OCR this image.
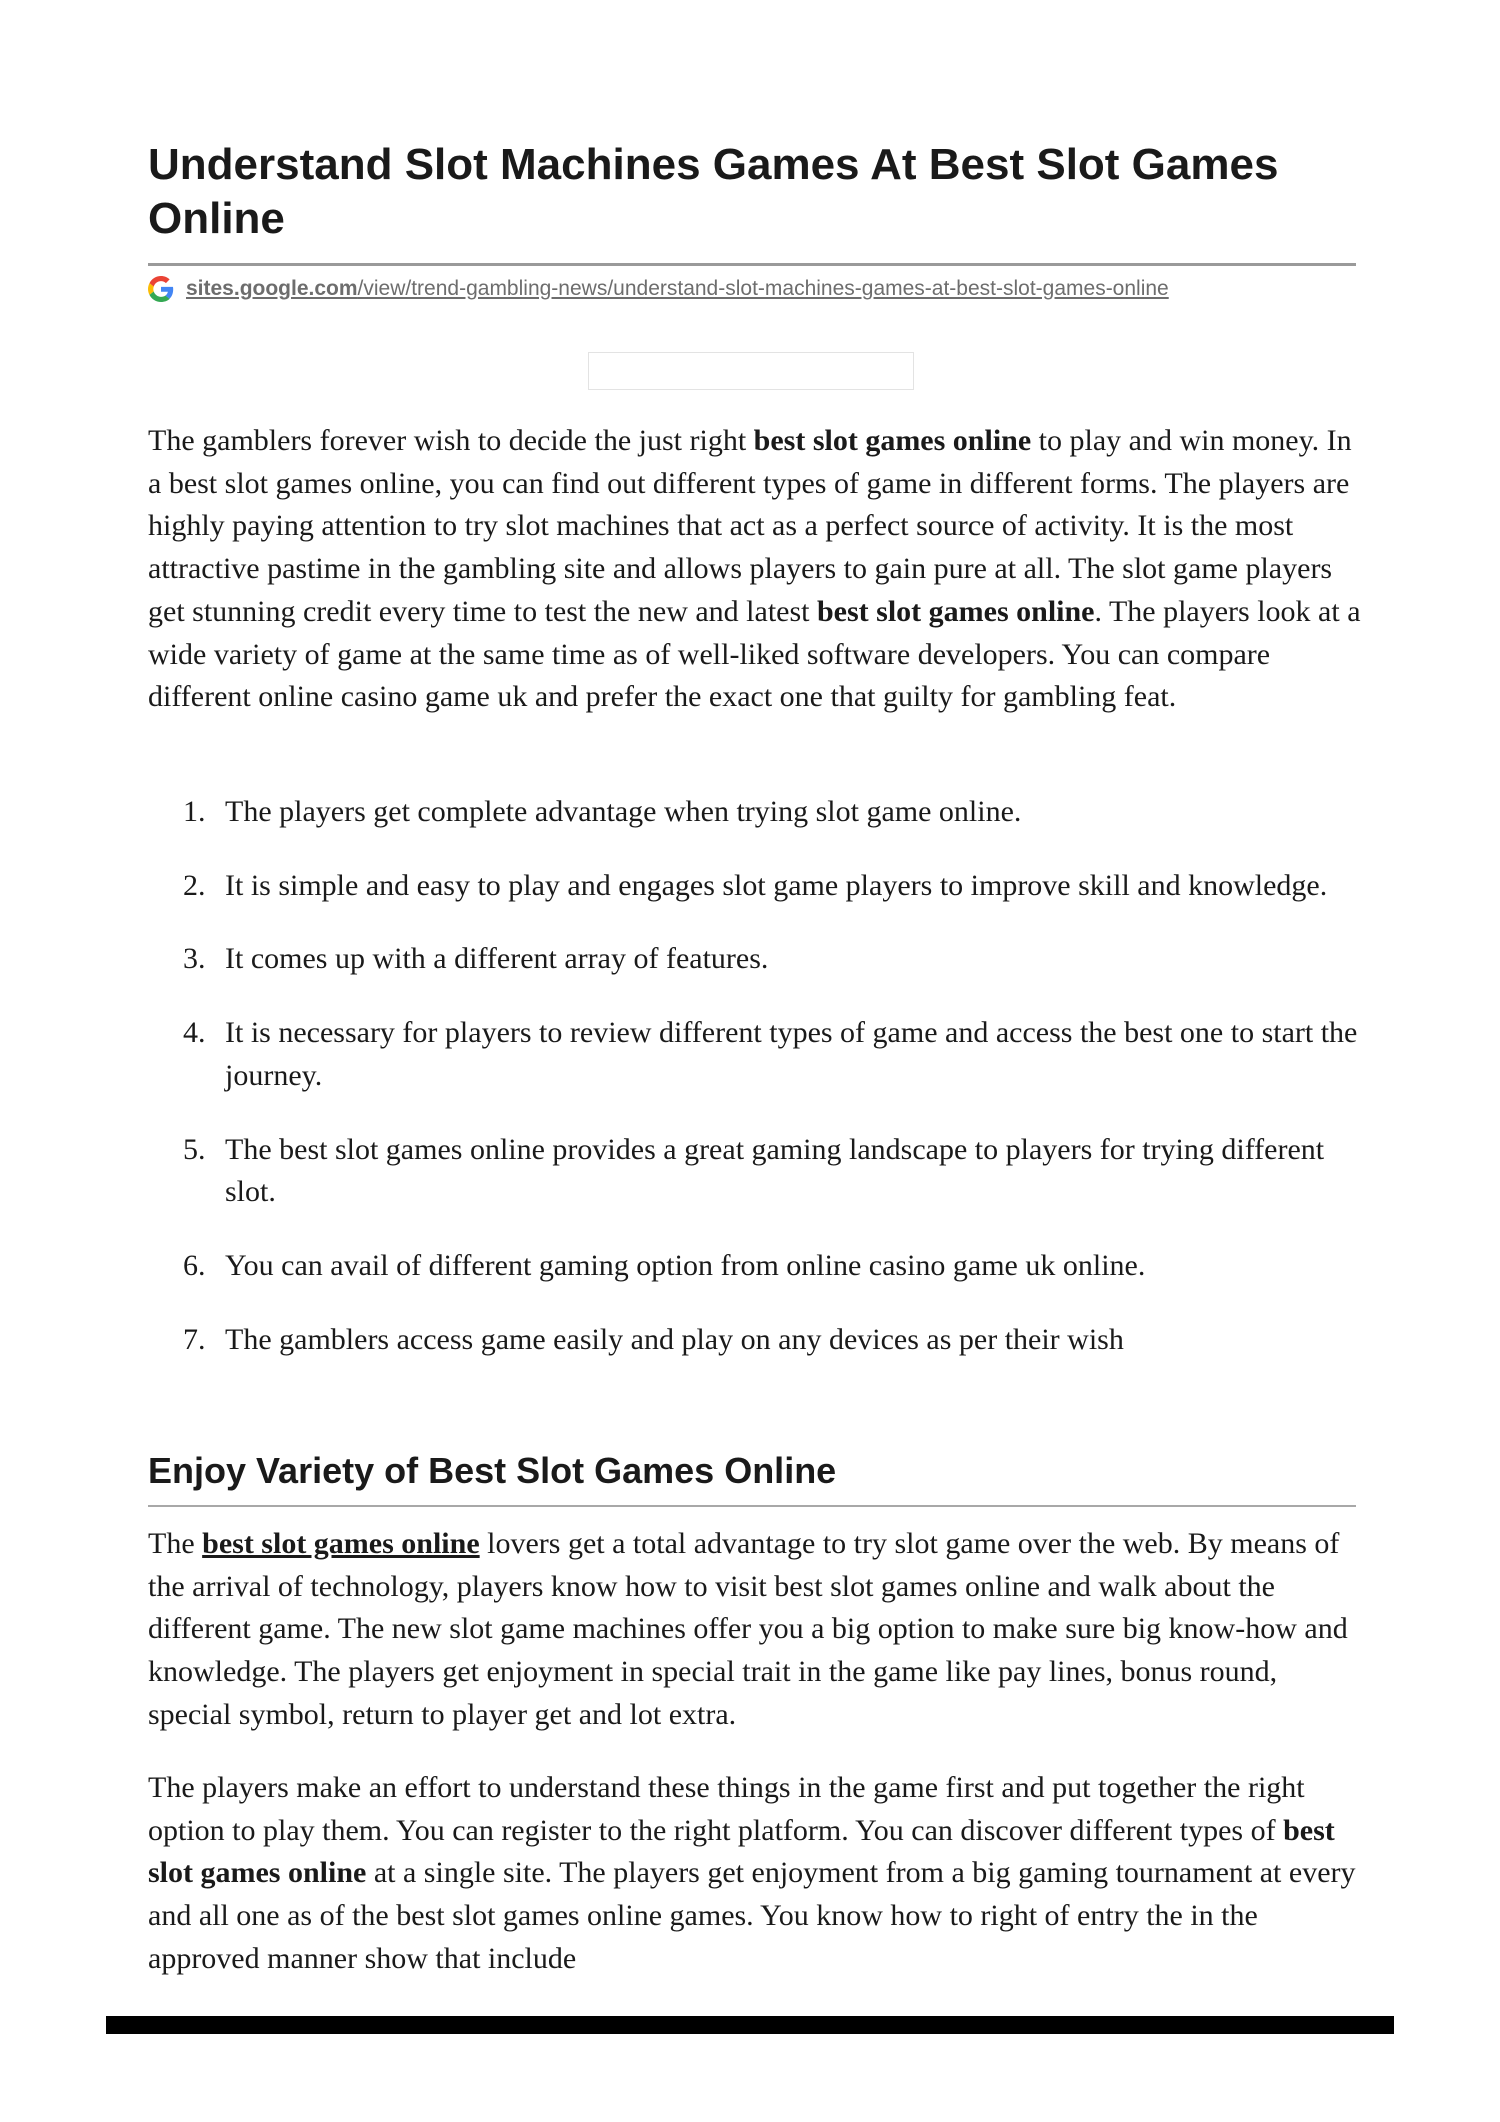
Understand Slot Machines Games At Best Slot Games Online
sites.google.com/view/trend-gambling-news/understand-slot-machines-games-at-best-slot-games-online

The gamblers forever wish to decide the just right best slot games online to play and win money. In a best slot games online, you can find out different types of game in different forms. The players are highly paying attention to try slot machines that act as a perfect source of activity. It is the most attractive pastime in the gambling site and allows players to gain pure at all. The slot game players get stunning credit every time to test the new and latest best slot games online. The players look at a wide variety of game at the same time as of well-liked software developers. You can compare different online casino game uk and prefer the exact one that guilty for gambling feat.

1. The players get complete advantage when trying slot game online.
2. It is simple and easy to play and engages slot game players to improve skill and knowledge.
3. It comes up with a different array of features.
4. It is necessary for players to review different types of game and access the best one to start the journey.
5. The best slot games online provides a great gaming landscape to players for trying different slot.
6. You can avail of different gaming option from online casino game uk online.
7. The gamblers access game easily and play on any devices as per their wish
Enjoy Variety of Best Slot Games Online

The best slot games online lovers get a total advantage to try slot game over the web. By means of the arrival of technology, players know how to visit best slot games online and walk about the different game. The new slot game machines offer you a big option to make sure big know-how and knowledge. The players get enjoyment in special trait in the game like pay lines, bonus round, special symbol, return to player get and lot extra.

The players make an effort to understand these things in the game first and put together the right option to play them. You can register to the right platform. You can discover different types of best slot games online at a single site. The players get enjoyment from a big gaming tournament at every and all one as of the best slot games online games. You know how to right of entry the in the approved manner show that include
